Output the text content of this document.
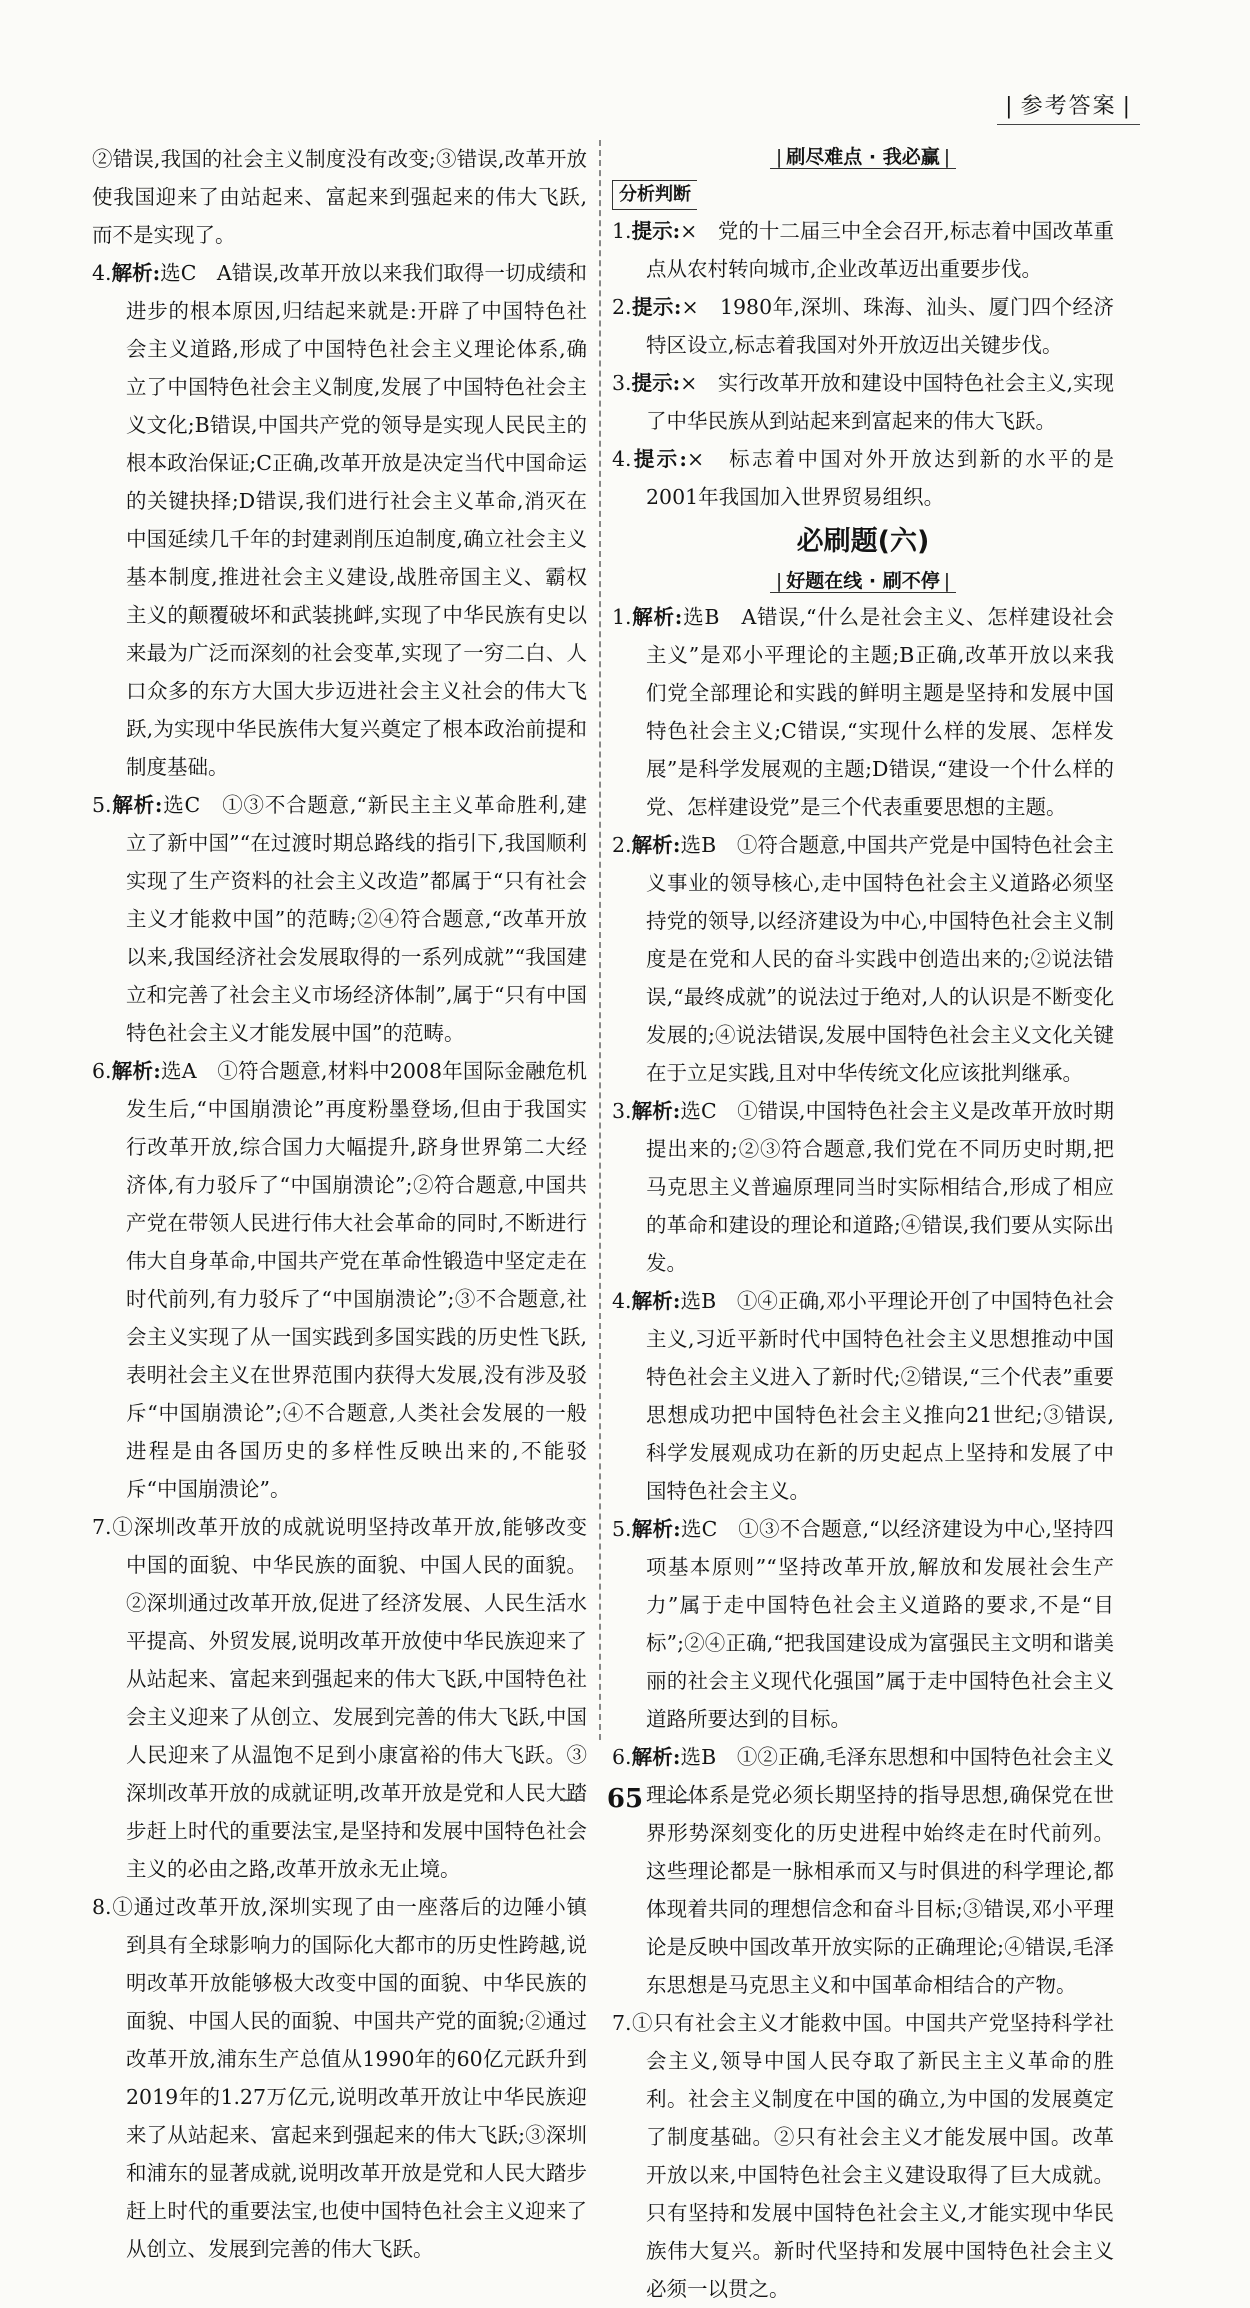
| 参考答案 |

②错误,我国的社会主义制度没有改变;③错误,改革开放使我国迎来了由站起来、富起来到强起来的伟大飞跃,而不是实现了。

4.解析:选C　A错误,改革开放以来我们取得一切成绩和进步的根本原因,归结起来就是:开辟了中国特色社会主义道路,形成了中国特色社会主义理论体系,确立了中国特色社会主义制度,发展了中国特色社会主义文化;B错误,中国共产党的领导是实现人民民主的根本政治保证;C正确,改革开放是决定当代中国命运的关键抉择;D错误,我们进行社会主义革命,消灭在中国延续几千年的封建剥削压迫制度,确立社会主义基本制度,推进社会主义建设,战胜帝国主义、霸权主义的颠覆破坏和武装挑衅,实现了中华民族有史以来最为广泛而深刻的社会变革,实现了一穷二白、人口众多的东方大国大步迈进社会主义社会的伟大飞跃,为实现中华民族伟大复兴奠定了根本政治前提和制度基础。

5.解析:选C　①③不合题意,“新民主主义革命胜利,建立了新中国”“在过渡时期总路线的指引下,我国顺利实现了生产资料的社会主义改造”都属于“只有社会主义才能救中国”的范畴;②④符合题意,“改革开放以来,我国经济社会发展取得的一系列成就”“我国建立和完善了社会主义市场经济体制”,属于“只有中国特色社会主义才能发展中国”的范畴。

6.解析:选A　①符合题意,材料中2008年国际金融危机发生后,“中国崩溃论”再度粉墨登场,但由于我国实行改革开放,综合国力大幅提升,跻身世界第二大经济体,有力驳斥了“中国崩溃论”;②符合题意,中国共产党在带领人民进行伟大社会革命的同时,不断进行伟大自身革命,中国共产党在革命性锻造中坚定走在时代前列,有力驳斥了“中国崩溃论”;③不合题意,社会主义实现了从一国实践到多国实践的历史性飞跃,表明社会主义在世界范围内获得大发展,没有涉及驳斥“中国崩溃论”;④不合题意,人类社会发展的一般进程是由各国历史的多样性反映出来的,不能驳斥“中国崩溃论”。

7.①深圳改革开放的成就说明坚持改革开放,能够改变中国的面貌、中华民族的面貌、中国人民的面貌。②深圳通过改革开放,促进了经济发展、人民生活水平提高、外贸发展,说明改革开放使中华民族迎来了从站起来、富起来到强起来的伟大飞跃,中国特色社会主义迎来了从创立、发展到完善的伟大飞跃,中国人民迎来了从温饱不足到小康富裕的伟大飞跃。③深圳改革开放的成就证明,改革开放是党和人民大踏步赶上时代的重要法宝,是坚持和发展中国特色社会主义的必由之路,改革开放永无止境。

8.①通过改革开放,深圳实现了由一座落后的边陲小镇到具有全球影响力的国际化大都市的历史性跨越,说明改革开放能够极大改变中国的面貌、中华民族的面貌、中国人民的面貌、中国共产党的面貌;②通过改革开放,浦东生产总值从1990年的60亿元跃升到2019年的1.27万亿元,说明改革开放让中华民族迎来了从站起来、富起来到强起来的伟大飞跃;③深圳和浦东的显著成就,说明改革开放是党和人民大踏步赶上时代的重要法宝,也使中国特色社会主义迎来了从创立、发展到完善的伟大飞跃。

| 刷尽难点 · 我必赢 |

分析判断

1.提示:×　党的十二届三中全会召开,标志着中国改革重点从农村转向城市,企业改革迈出重要步伐。

2.提示:×　1980年,深圳、珠海、汕头、厦门四个经济特区设立,标志着我国对外开放迈出关键步伐。

3.提示:×　实行改革开放和建设中国特色社会主义,实现了中华民族从到站起来到富起来的伟大飞跃。

4.提示:×　标志着中国对外开放达到新的水平的是2001年我国加入世界贸易组织。

必刷题(六)

| 好题在线 · 刷不停 |

1.解析:选B　A错误,“什么是社会主义、怎样建设社会主义”是邓小平理论的主题;B正确,改革开放以来我们党全部理论和实践的鲜明主题是坚持和发展中国特色社会主义;C错误,“实现什么样的发展、怎样发展”是科学发展观的主题;D错误,“建设一个什么样的党、怎样建设党”是三个代表重要思想的主题。

2.解析:选B　①符合题意,中国共产党是中国特色社会主义事业的领导核心,走中国特色社会主义道路必须坚持党的领导,以经济建设为中心,中国特色社会主义制度是在党和人民的奋斗实践中创造出来的;②说法错误,“最终成就”的说法过于绝对,人的认识是不断变化发展的;④说法错误,发展中国特色社会主义文化关键在于立足实践,且对中华传统文化应该批判继承。

3.解析:选C　①错误,中国特色社会主义是改革开放时期提出来的;②③符合题意,我们党在不同历史时期,把马克思主义普遍原理同当时实际相结合,形成了相应的革命和建设的理论和道路;④错误,我们要从实际出发。

4.解析:选B　①④正确,邓小平理论开创了中国特色社会主义,习近平新时代中国特色社会主义思想推动中国特色社会主义进入了新时代;②错误,“三个代表”重要思想成功把中国特色社会主义推向21世纪;③错误,科学发展观成功在新的历史起点上坚持和发展了中国特色社会主义。

5.解析:选C　①③不合题意,“以经济建设为中心,坚持四项基本原则”“坚持改革开放,解放和发展社会生产力”属于走中国特色社会主义道路的要求,不是“目标”;②④正确,“把我国建设成为富强民主文明和谐美丽的社会主义现代化强国”属于走中国特色社会主义道路所要达到的目标。

6.解析:选B　①②正确,毛泽东思想和中国特色社会主义理论体系是党必须长期坚持的指导思想,确保党在世界形势深刻变化的历史进程中始终走在时代前列。这些理论都是一脉相承而又与时俱进的科学理论,都体现着共同的理想信念和奋斗目标;③错误,邓小平理论是反映中国改革开放实际的正确理论;④错误,毛泽东思想是马克思主义和中国革命相结合的产物。

7.①只有社会主义才能救中国。中国共产党坚持科学社会主义,领导中国人民夺取了新民主主义革命的胜利。社会主义制度在中国的确立,为中国的发展奠定了制度基础。②只有社会主义才能发展中国。改革开放以来,中国特色社会主义建设取得了巨大成就。只有坚持和发展中国特色社会主义,才能实现中华民族伟大复兴。新时代坚持和发展中国特色社会主义必须一以贯之。

— 65 —
